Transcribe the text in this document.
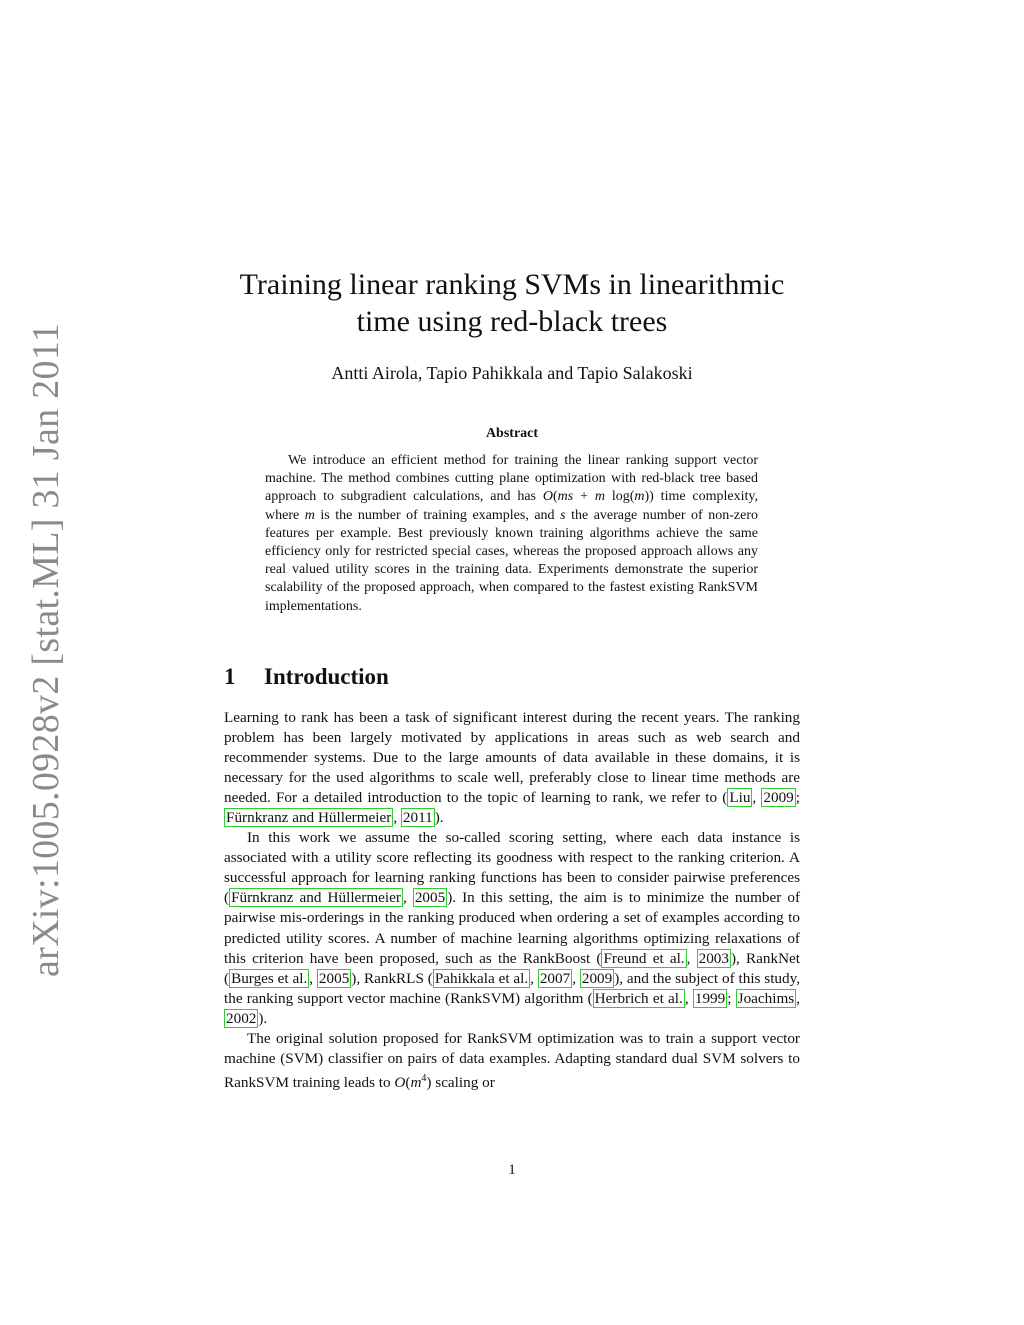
arXiv:1005.0928v2 [stat.ML] 31 Jan 2011
Training linear ranking SVMs in linearithmic
time using red-black trees
Antti Airola, Tapio Pahikkala and Tapio Salakoski
Abstract
We introduce an efficient method for training the linear ranking support vector machine. The method combines cutting plane optimization with red-black tree based approach to subgradient calculations, and has O(ms + m log(m)) time complexity, where m is the number of training examples, and s the average number of non-zero features per example. Best previously known training algorithms achieve the same efficiency only for restricted special cases, whereas the proposed approach allows any real valued utility scores in the training data. Experiments demonstrate the superior scalability of the proposed approach, when compared to the fastest existing RankSVM implementations.
1 Introduction

Learning to rank has been a task of significant interest during the recent years. The ranking problem has been largely motivated by applications in areas such as web search and recommender systems. Due to the large amounts of data available in these domains, it is necessary for the used algorithms to scale well, preferably close to linear time methods are needed. For a detailed introduction to the topic of learning to rank, we refer to ( Liu , 2009 ; Fürnkranz and Hüllermeier , 2011 ).

In this work we assume the so-called scoring setting, where each data instance is associated with a utility score reflecting its goodness with respect to the ranking criterion. A successful approach for learning ranking functions has been to consider pairwise preferences ( Fürnkranz and Hüllermeier , 2005 ). In this setting, the aim is to minimize the number of pairwise mis-orderings in the ranking produced when ordering a set of examples according to predicted utility scores. A number of machine learning algorithms optimizing relaxations of this criterion have been proposed, such as the RankBoost ( Freund et al. , 2003 ), RankNet ( Burges et al. , 2005 ), RankRLS ( Pahikkala et al. , 2007 , 2009 ), and the subject of this study, the ranking support vector machine (RankSVM) algorithm ( Herbrich et al. , 1999 ; Joachims , 2002 ).

The original solution proposed for RankSVM optimization was to train a support vector machine (SVM) classifier on pairs of data examples. Adapting standard dual SVM solvers to RankSVM training leads to $O(m^4)$ scaling or

1
